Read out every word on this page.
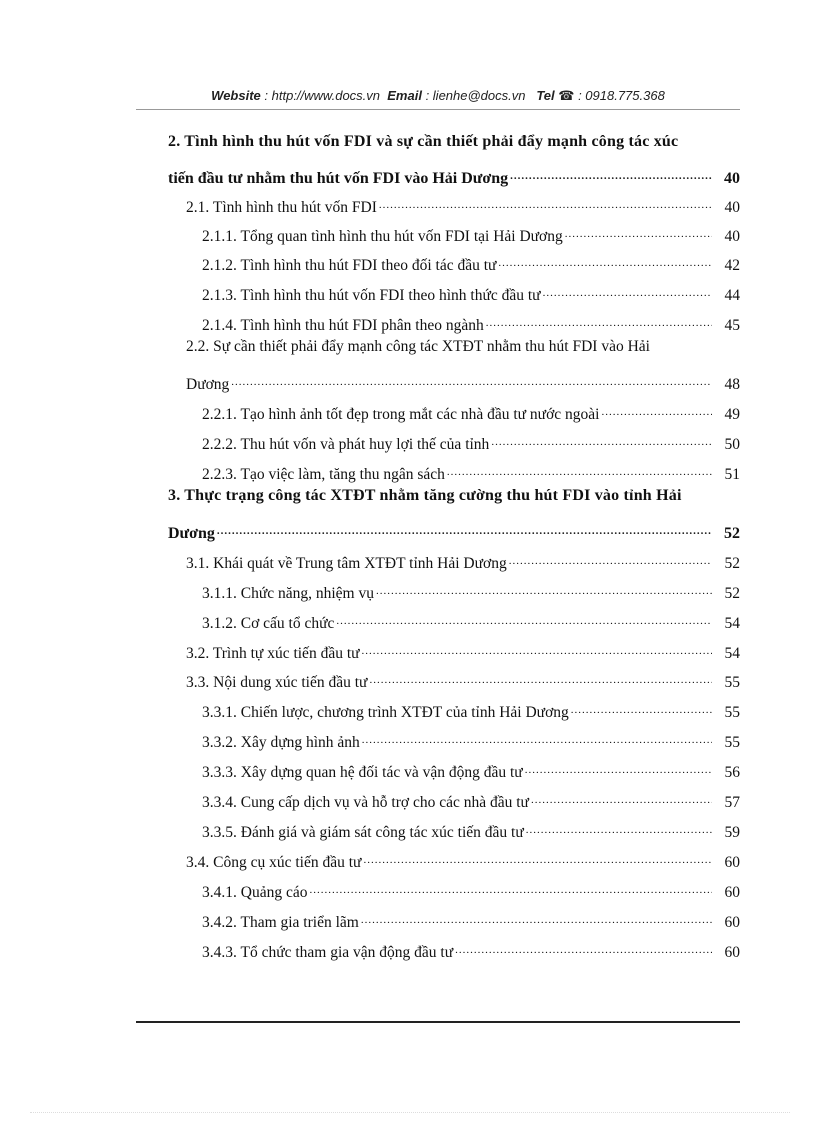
Website : http://www.docs.vn Email : lienhe@docs.vn Tel ☎ : 0918.775.368
2. Tình hình thu hút vốn FDI và sự cần thiết phải đẩy mạnh công tác xúc
tiến đầu tư nhằm thu hút vốn FDI vào Hải Dương .....	40
2.1. Tình hình thu hút vốn FDI .....	40
2.1.1. Tổng quan tình hình thu hút vốn FDI tại Hải Dương .....	40
2.1.2. Tình hình thu hút FDI theo đối tác đầu tư .....	42
2.1.3. Tình hình thu hút vốn FDI theo hình thức đầu tư .....	44
2.1.4. Tình hình thu hút FDI phân theo ngành .....	45
2.2. Sự cần thiết phải đẩy mạnh công tác XTĐT nhằm thu hút FDI vào Hải
Dương .....	48
2.2.1. Tạo hình ảnh tốt đẹp trong mắt các nhà đầu tư nước ngoài .....	49
2.2.2. Thu hút vốn và phát huy lợi thế của tỉnh .....	50
2.2.3. Tạo việc làm, tăng thu ngân sách .....	51
3. Thực trạng công tác XTĐT nhằm tăng cường thu hút FDI vào tỉnh Hải
Dương .....	52
3.1. Khái quát về Trung tâm XTĐT tỉnh Hải Dương .....	52
3.1.1. Chức năng, nhiệm vụ .....	52
3.1.2. Cơ cấu tổ chức .....	54
3.2. Trình tự xúc tiến đầu tư .....	54
3.3. Nội dung xúc tiến đầu tư .....	55
3.3.1. Chiến lược, chương trình XTĐT của tỉnh Hải Dương .....	55
3.3.2. Xây dựng hình ảnh .....	55
3.3.3. Xây dựng quan hệ đối tác và vận động đầu tư .....	56
3.3.4. Cung cấp dịch vụ và hỗ trợ cho các nhà đầu tư .....	57
3.3.5. Đánh giá và giám sát công tác xúc tiến đầu tư .....	59
3.4. Công cụ xúc tiến đầu tư .....	60
3.4.1. Quảng cáo .....	60
3.4.2. Tham gia triển lãm .....	60
3.4.3. Tổ chức tham gia vận động đầu tư .....	60
